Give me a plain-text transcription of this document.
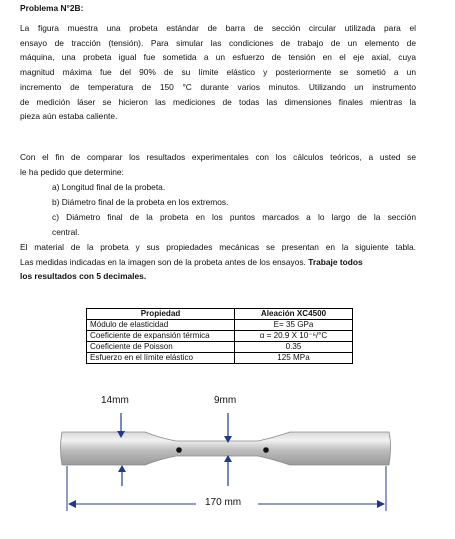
Problema N°2B:
La figura muestra una probeta estándar de barra de sección circular utilizada para el
ensayo de tracción (tensión). Para simular las condiciones de trabajo de un elemento de
máquina, una probeta igual fue sometida a un esfuerzo de tensión en el eje axial, cuya
magnitud máxima fue del 90% de su límite elástico y posteriormente se sometió a un
incremento de temperatura de 150 °C durante varios minutos. Utilizando un instrumento
de medición láser se hicieron las mediciones de todas las dimensiones finales mientras la
pieza aún estaba caliente.
Con el fin de comparar los resultados experimentales con los cálculos teóricos, a usted se
le ha pedido que determine:
a) Longitud final de la probeta.
b) Diámetro final de la probeta en los extremos.
c) Diámetro final de la probeta en los puntos marcados a lo largo de la sección
central.
El material de la probeta y sus propiedades mecánicas se presentan en la siguiente tabla.
Las medidas indicadas en la imagen son de la probeta antes de los ensayos. Trabaje todos
los resultados con 5 decimales.
Propiedad	Aleación XC4500
Módulo de elasticidad	E= 35 GPa
Coeficiente de expansión térmica	α = 20.9 X 10⁻⁶/°C
Coeficiente de Poisson	0.35
Esfuerzo en el límite elástico	125 MPa
14mm	9mm
170 mm
